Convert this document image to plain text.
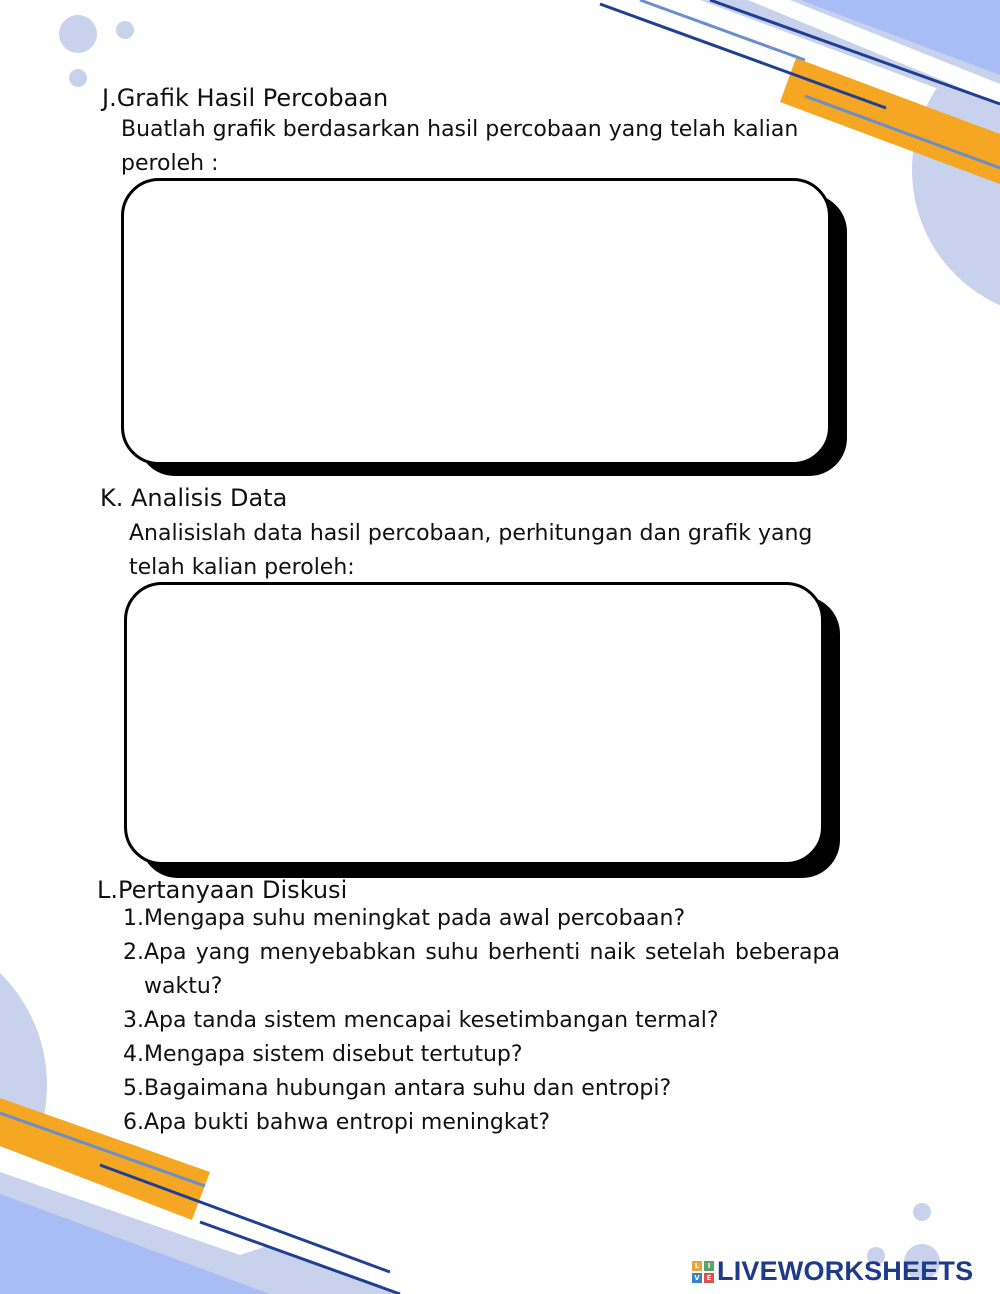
J.Grafik Hasil Percobaan
Buatlah grafik berdasarkan hasil percobaan yang telah kalian peroleh :
K. Analisis Data
Analisislah data hasil percobaan, perhitungan dan grafik yang telah kalian peroleh:
L.Pertanyaan Diskusi
1. Mengapa suhu meningkat pada awal percobaan?
2. Apa yang menyebabkan suhu berhenti naik setelah beberapa waktu?
3. Apa tanda sistem mencapai kesetimbangan termal?
4. Mengapa sistem disebut tertutup?
5. Bagaimana hubungan antara suhu dan entropi?
6. Apa bukti bahwa entropi meningkat?
L	I
V E LIVEWORKSHEETS
